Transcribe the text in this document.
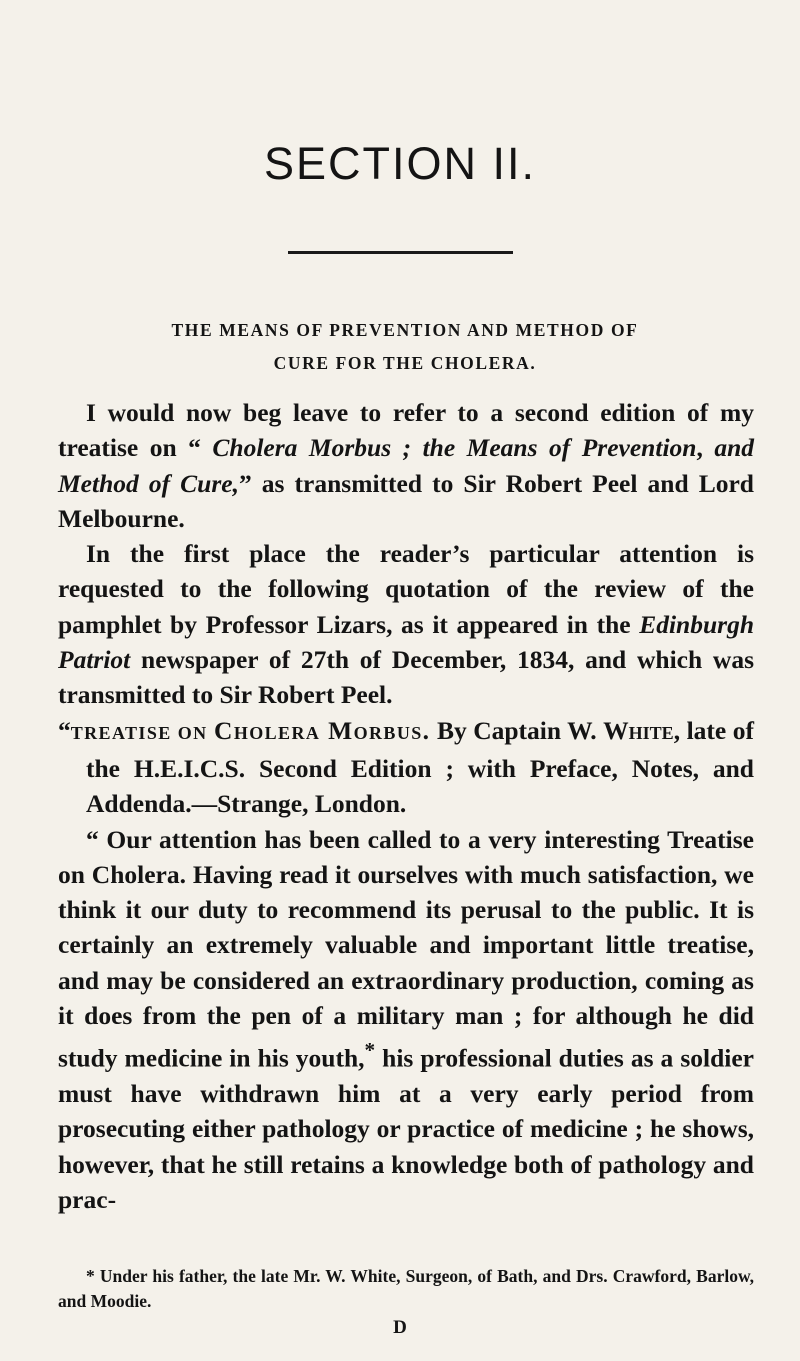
SECTION II.
THE MEANS OF PREVENTION AND METHOD OF
CURE FOR THE CHOLERA.

I would now beg leave to refer to a second edition of my treatise on “ Cholera Morbus ; the Means of Prevention, and Method of Cure,” as transmitted to Sir Robert Peel and Lord Melbourne.

In the first place the reader’s particular attention is requested to the following quotation of the review of the pamphlet by Professor Lizars, as it appeared in the Edinburgh Patriot newspaper of 27th of December, 1834, and which was transmitted to Sir Robert Peel.

“TREATISE ON Cholera Morbus. By Captain W. White, late of the H.E.I.C.S. Second Edition ; with Preface, Notes, and Addenda.—Strange, London.

“ Our attention has been called to a very interesting Treatise on Cholera. Having read it ourselves with much satisfaction, we think it our duty to recommend its perusal to the public. It is certainly an extremely valuable and important little treatise, and may be considered an extraordinary production, coming as it does from the pen of a military man ; for although he did study medicine in his youth,* his professional duties as a soldier must have withdrawn him at a very early period from prosecuting either pathology or practice of medicine ; he shows, however, that he still retains a knowledge both of pathology and prac-

* Under his father, the late Mr. W. White, Surgeon, of Bath, and Drs. Crawford, Barlow, and Moodie.

D
